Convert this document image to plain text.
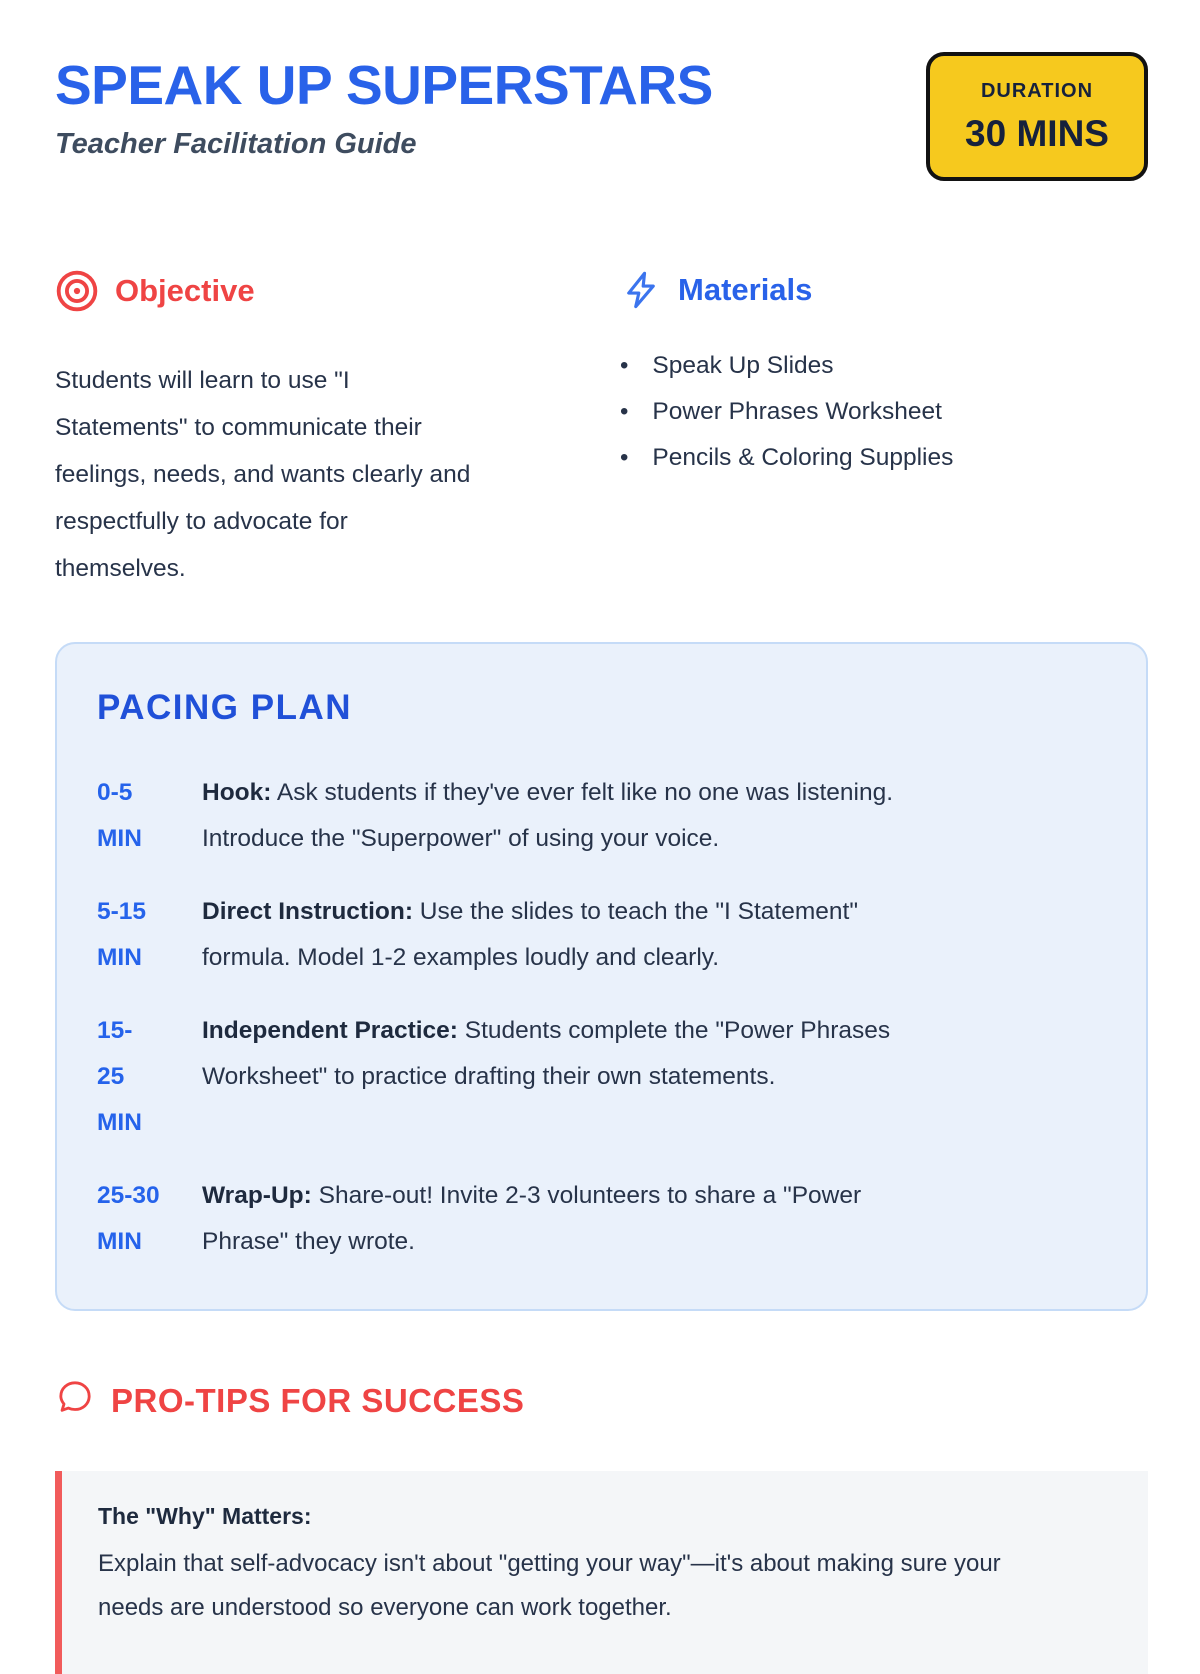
SPEAK UP SUPERSTARS
Teacher Facilitation Guide
DURATION
30 MINS
Objective

Students will learn to use "I
Statements" to communicate their
feelings, needs, and wants clearly and
respectfully to advocate for
themselves.

Materials
• Speak Up Slides
• Power Phrases Worksheet
• Pencils & Coloring Supplies
PACING PLAN
0-5
MIN
Hook: Ask students if they've ever felt like no one was listening.
Introduce the "Superpower" of using your voice.
5-15
MIN
Direct Instruction: Use the slides to teach the "I Statement"
formula. Model 1-2 examples loudly and clearly.
15-
25
MIN
Independent Practice: Students complete the "Power Phrases
Worksheet" to practice drafting their own statements.
25-30
MIN
Wrap-Up: Share-out! Invite 2-3 volunteers to share a "Power
Phrase" they wrote.
PRO-TIPS FOR SUCCESS
The "Why" Matters:
Explain that self-advocacy isn't about "getting your way"—it's about making sure your
needs are understood so everyone can work together.
